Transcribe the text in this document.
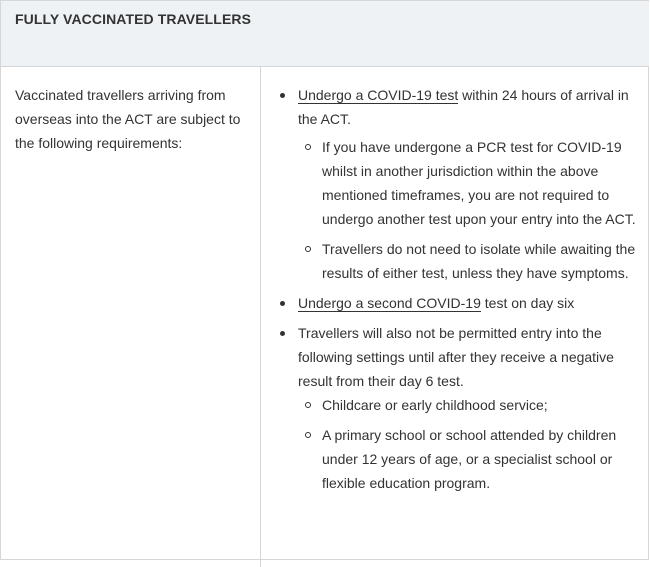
FULLY VACCINATED TRAVELLERS
Vaccinated travellers arriving from overseas into the ACT are subject to the following requirements:
Undergo a COVID-19 test within 24 hours of arrival in the ACT.
If you have undergone a PCR test for COVID-19 whilst in another jurisdiction within the above mentioned timeframes, you are not required to undergo another test upon your entry into the ACT.
Travellers do not need to isolate while awaiting the results of either test, unless they have symptoms.
Undergo a second COVID-19 test on day six
Travellers will also not be permitted entry into the following settings until after they receive a negative result from their day 6 test.
Childcare or early childhood service;
A primary school or school attended by children under 12 years of age, or a specialist school or flexible education program.
